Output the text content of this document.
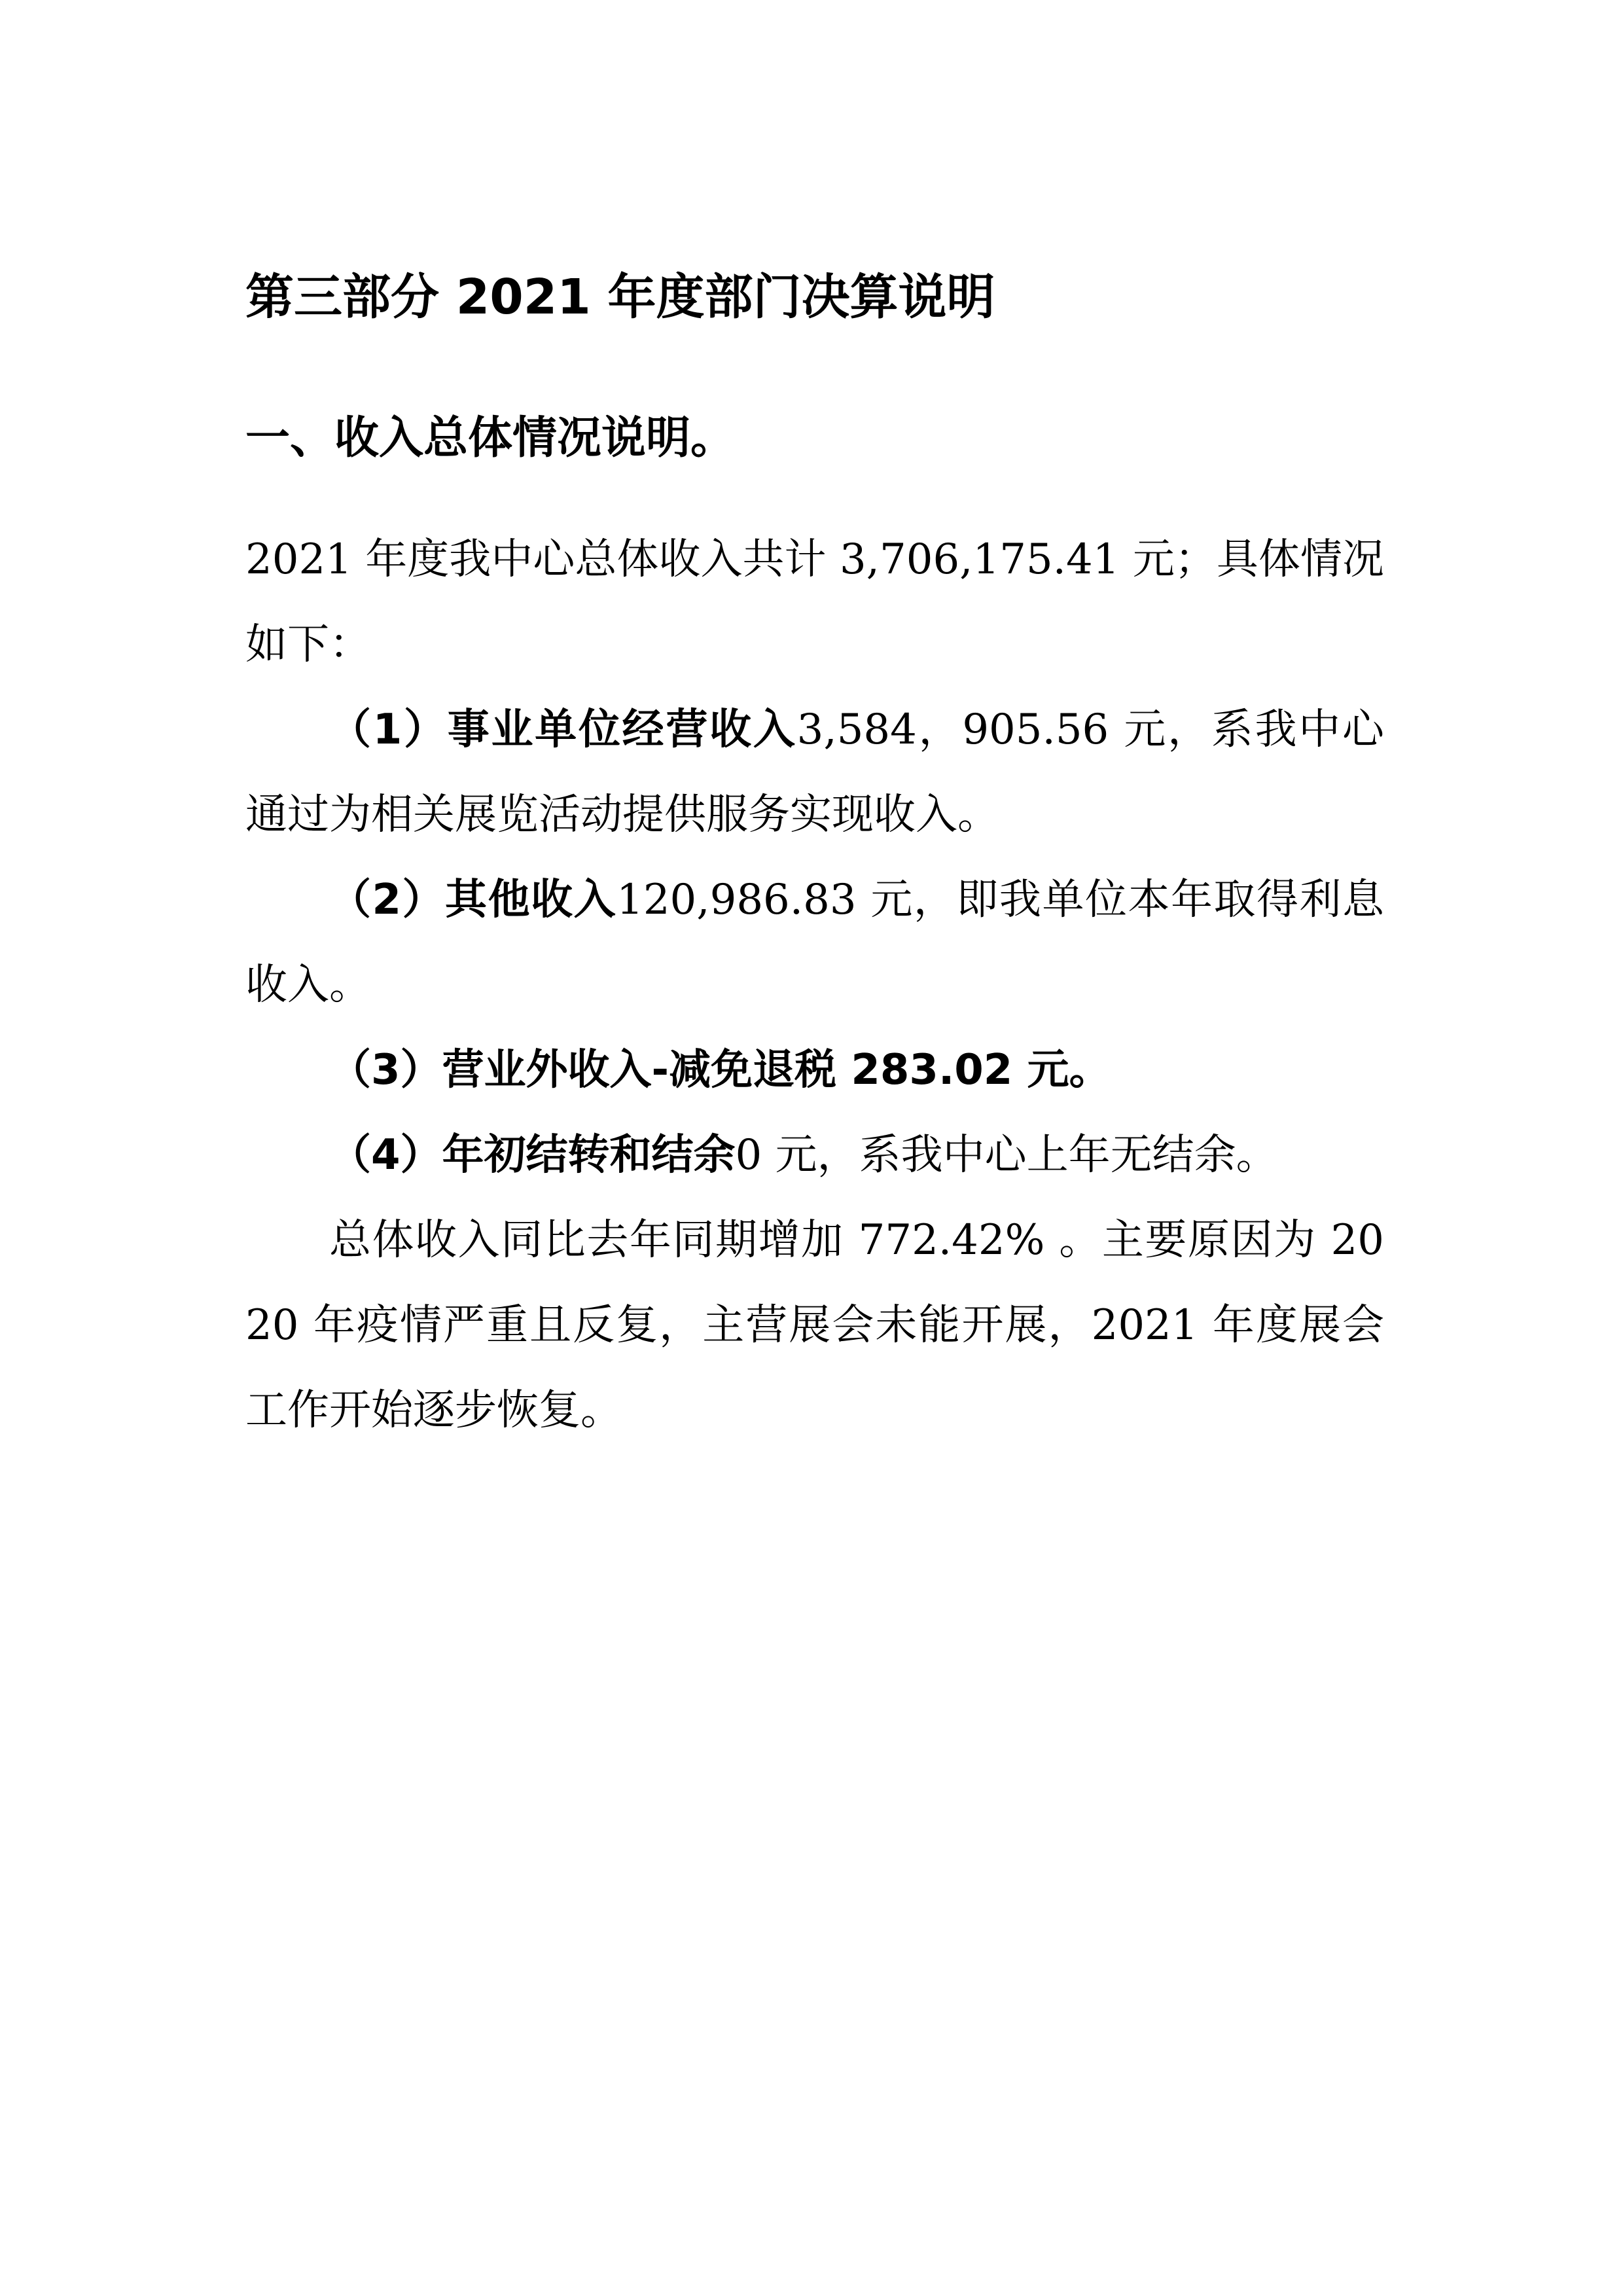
第三部分 2021 年度部门决算说明
一、收入总体情况说明。

2021 年度我中心总体收入共计 3,706,175.41 元；具体情况如下：

（1）事业单位经营收入3,584，905.56 元，系我中心通过为相关展览活动提供服务实现收入。

（2）其他收入120,986.83 元，即我单位本年取得利息收入。

（3）营业外收入-减免退税 283.02 元。

（4）年初结转和结余0 元，系我中心上年无结余。

总体收入同比去年同期增加 772.42% 。主要原因为 2020 年疫情严重且反复，主营展会未能开展，2021 年度展会工作开始逐步恢复。
